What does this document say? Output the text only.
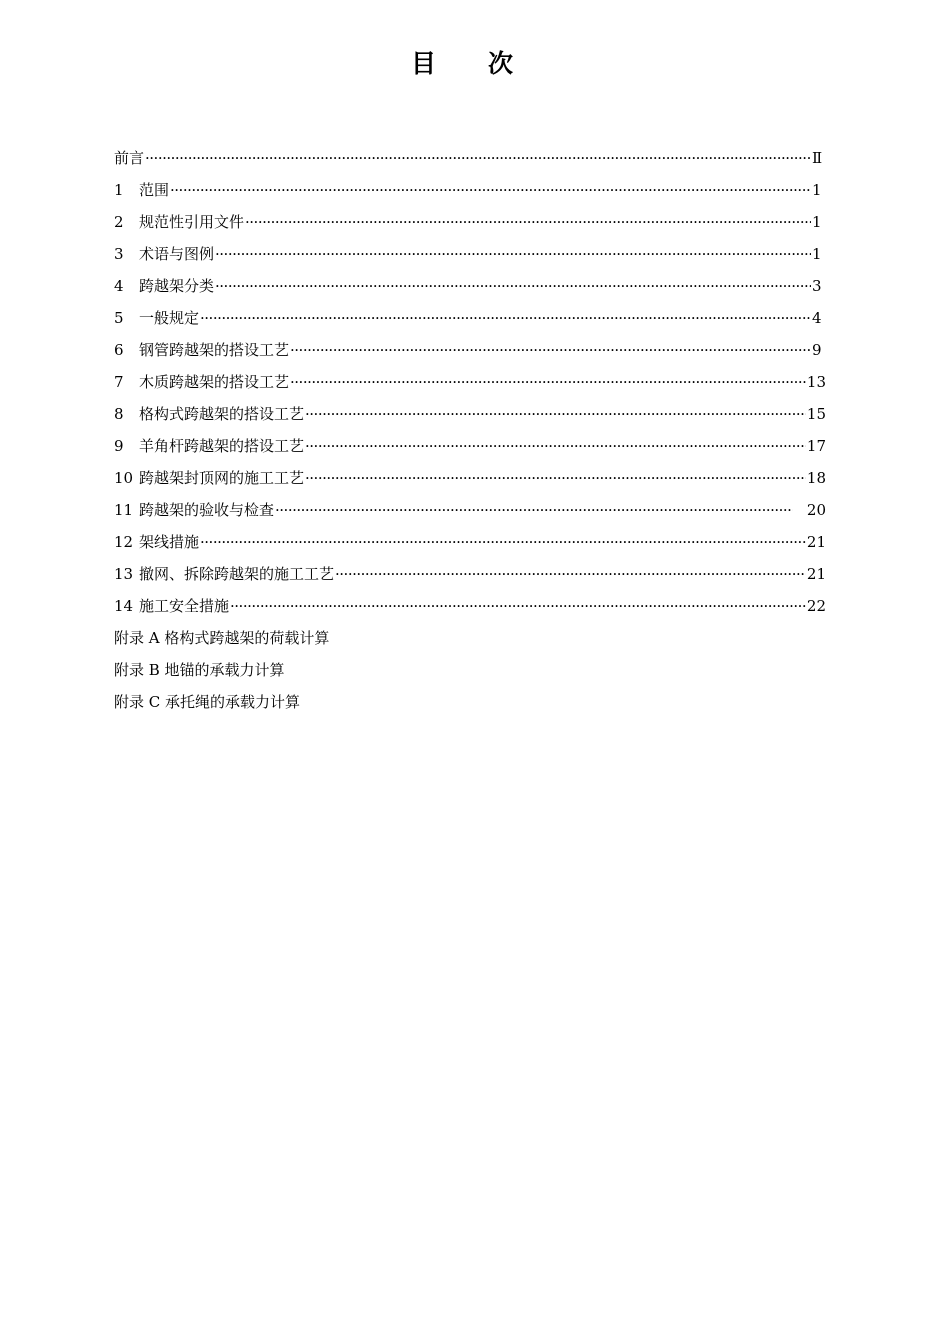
目次
前言 ·····	Ⅱ
1	范围 ·····	1
2	规范性引用文件 ·····	1
3	术语与图例 ·····	1
4	跨越架分类 ·····	3
5	一般规定 ·····	4
6	钢管跨越架的搭设工艺 ·····	9
7	木质跨越架的搭设工艺 ·····	13
8	格构式跨越架的搭设工艺 ·····	15
9	羊角杆跨越架的搭设工艺 ·····	17
10 跨越架封顶网的施工工艺 ·····	18
11 跨越架的验收与检查 ·····	20
12 架线措施 ·····	21
13 撤网、拆除跨越架的施工工艺 ·····	21
14 施工安全措施 ·····	22
附录 A 格构式跨越架的荷载计算
附录 B 地锚的承载力计算
附录 C 承托绳的承载力计算
